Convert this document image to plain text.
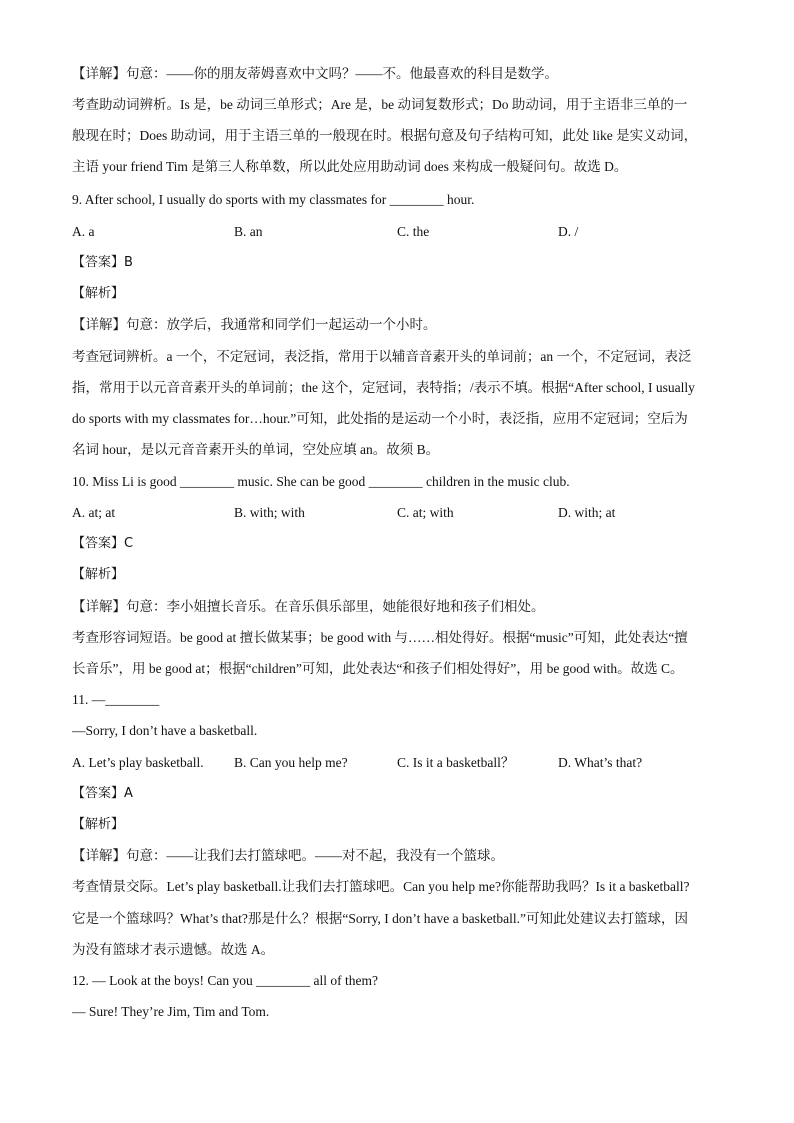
【详解】句意：——你的朋友蒂姆喜欢中文吗？——不。他最喜欢的科目是数学。
考查助动词辨析。Is 是，be 动词三单形式；Are 是，be 动词复数形式；Do 助动词，用于主语非三单的一
般现在时；Does 助动词，用于主语三单的一般现在时。根据句意及句子结构可知，此处 like 是实义动词，
主语 your friend Tim 是第三人称单数，所以此处应用助动词 does 来构成一般疑问句。故选 D。
9. After school, I usually do sports with my classmates for ________ hour.
A. a	B. an	C. the	D. /
【答案】B
【解析】
【详解】句意：放学后，我通常和同学们一起运动一个小时。
考查冠词辨析。a 一个，不定冠词，表泛指，常用于以辅音音素开头的单词前；an 一个，不定冠词，表泛
指，常用于以元音音素开头的单词前；the 这个，定冠词，表特指；/表示不填。根据“After school, I usually
do sports with my classmates for…hour.”可知，此处指的是运动一个小时，表泛指，应用不定冠词；空后为
名词 hour，是以元音音素开头的单词，空处应填 an。故须 B。
10. Miss Li is good ________ music. She can be good ________ children in the music club.
A. at; at	B. with; with	C. at; with	D. with; at
【答案】C
【解析】
【详解】句意：李小姐擅长音乐。在音乐俱乐部里，她能很好地和孩子们相处。
考查形容词短语。be good at 擅长做某事；be good with 与……相处得好。根据“music”可知，此处表达“擅
长音乐”，用 be good at；根据“children”可知，此处表达“和孩子们相处得好”，用 be good with。故选 C。
11. —________
—Sorry, I don’t have a basketball.
A. Let’s play basketball. B. Can you help me?	C. Is it a basketball？	D. What’s that?
【答案】A
【解析】
【详解】句意：——让我们去打篮球吧。——对不起，我没有一个篮球。
考查情景交际。Let’s play basketball.让我们去打篮球吧。Can you help me?你能帮助我吗？Is it a basketball?
它是一个篮球吗？What’s that?那是什么？根据“Sorry, I don’t have a basketball.”可知此处建议去打篮球，因
为没有篮球才表示遗憾。故选 A。
12. — Look at the boys! Can you ________ all of them?
— Sure! They’re Jim, Tim and Tom.
